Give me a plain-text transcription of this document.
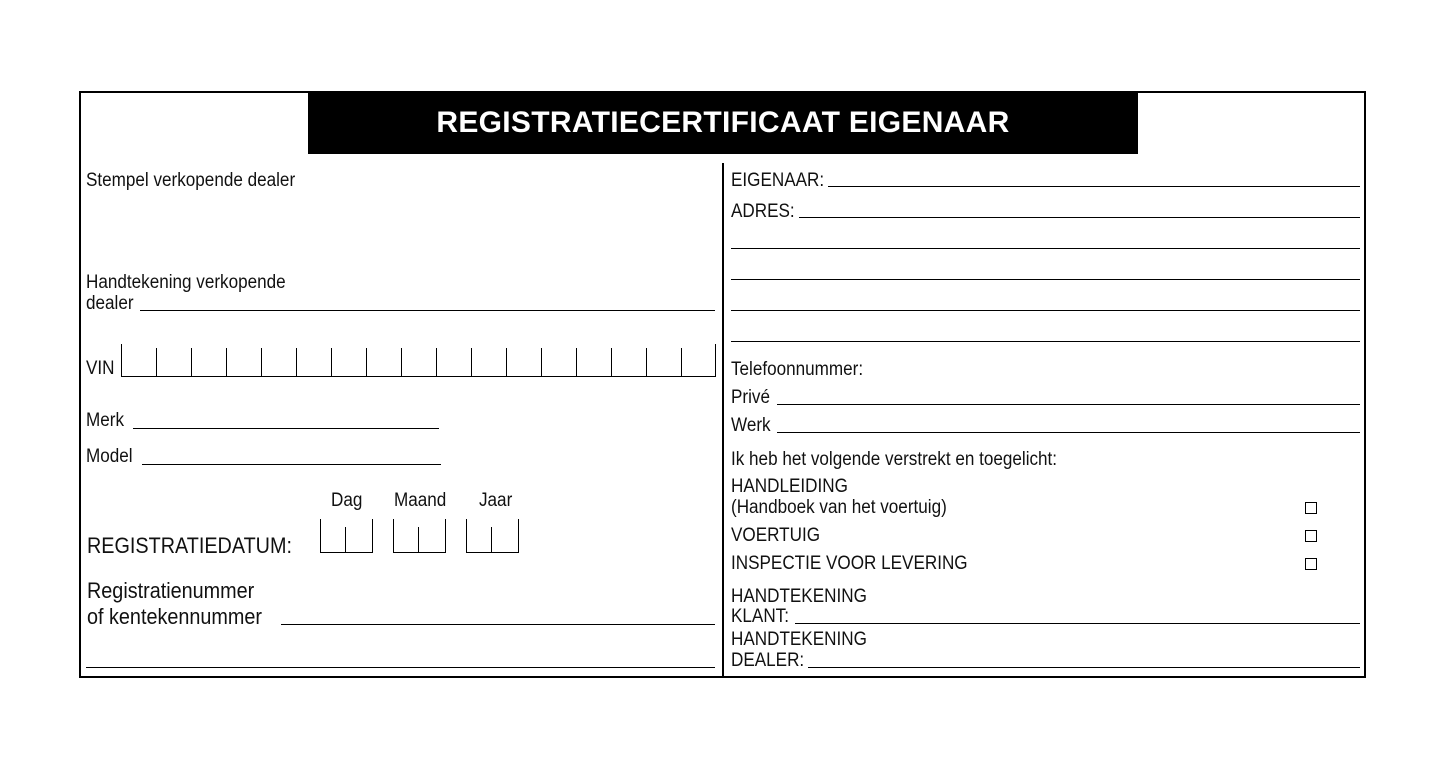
REGISTRATIECERTIFICAAT EIGENAAR
Stempel verkopende dealer
Handtekening verkopende
dealer
VIN
Merk
Model
Dag Maand Jaar
REGISTRATIEDATUM:
Registratienummer
of kentekennummer
EIGENAAR:
ADRES:
Telefoonnummer:
Privé
Werk
Ik heb het volgende verstrekt en toegelicht:
HANDLEIDING
(Handboek van het voertuig)
VOERTUIG
INSPECTIE VOOR LEVERING
HANDTEKENING
KLANT:
HANDTEKENING
DEALER:
